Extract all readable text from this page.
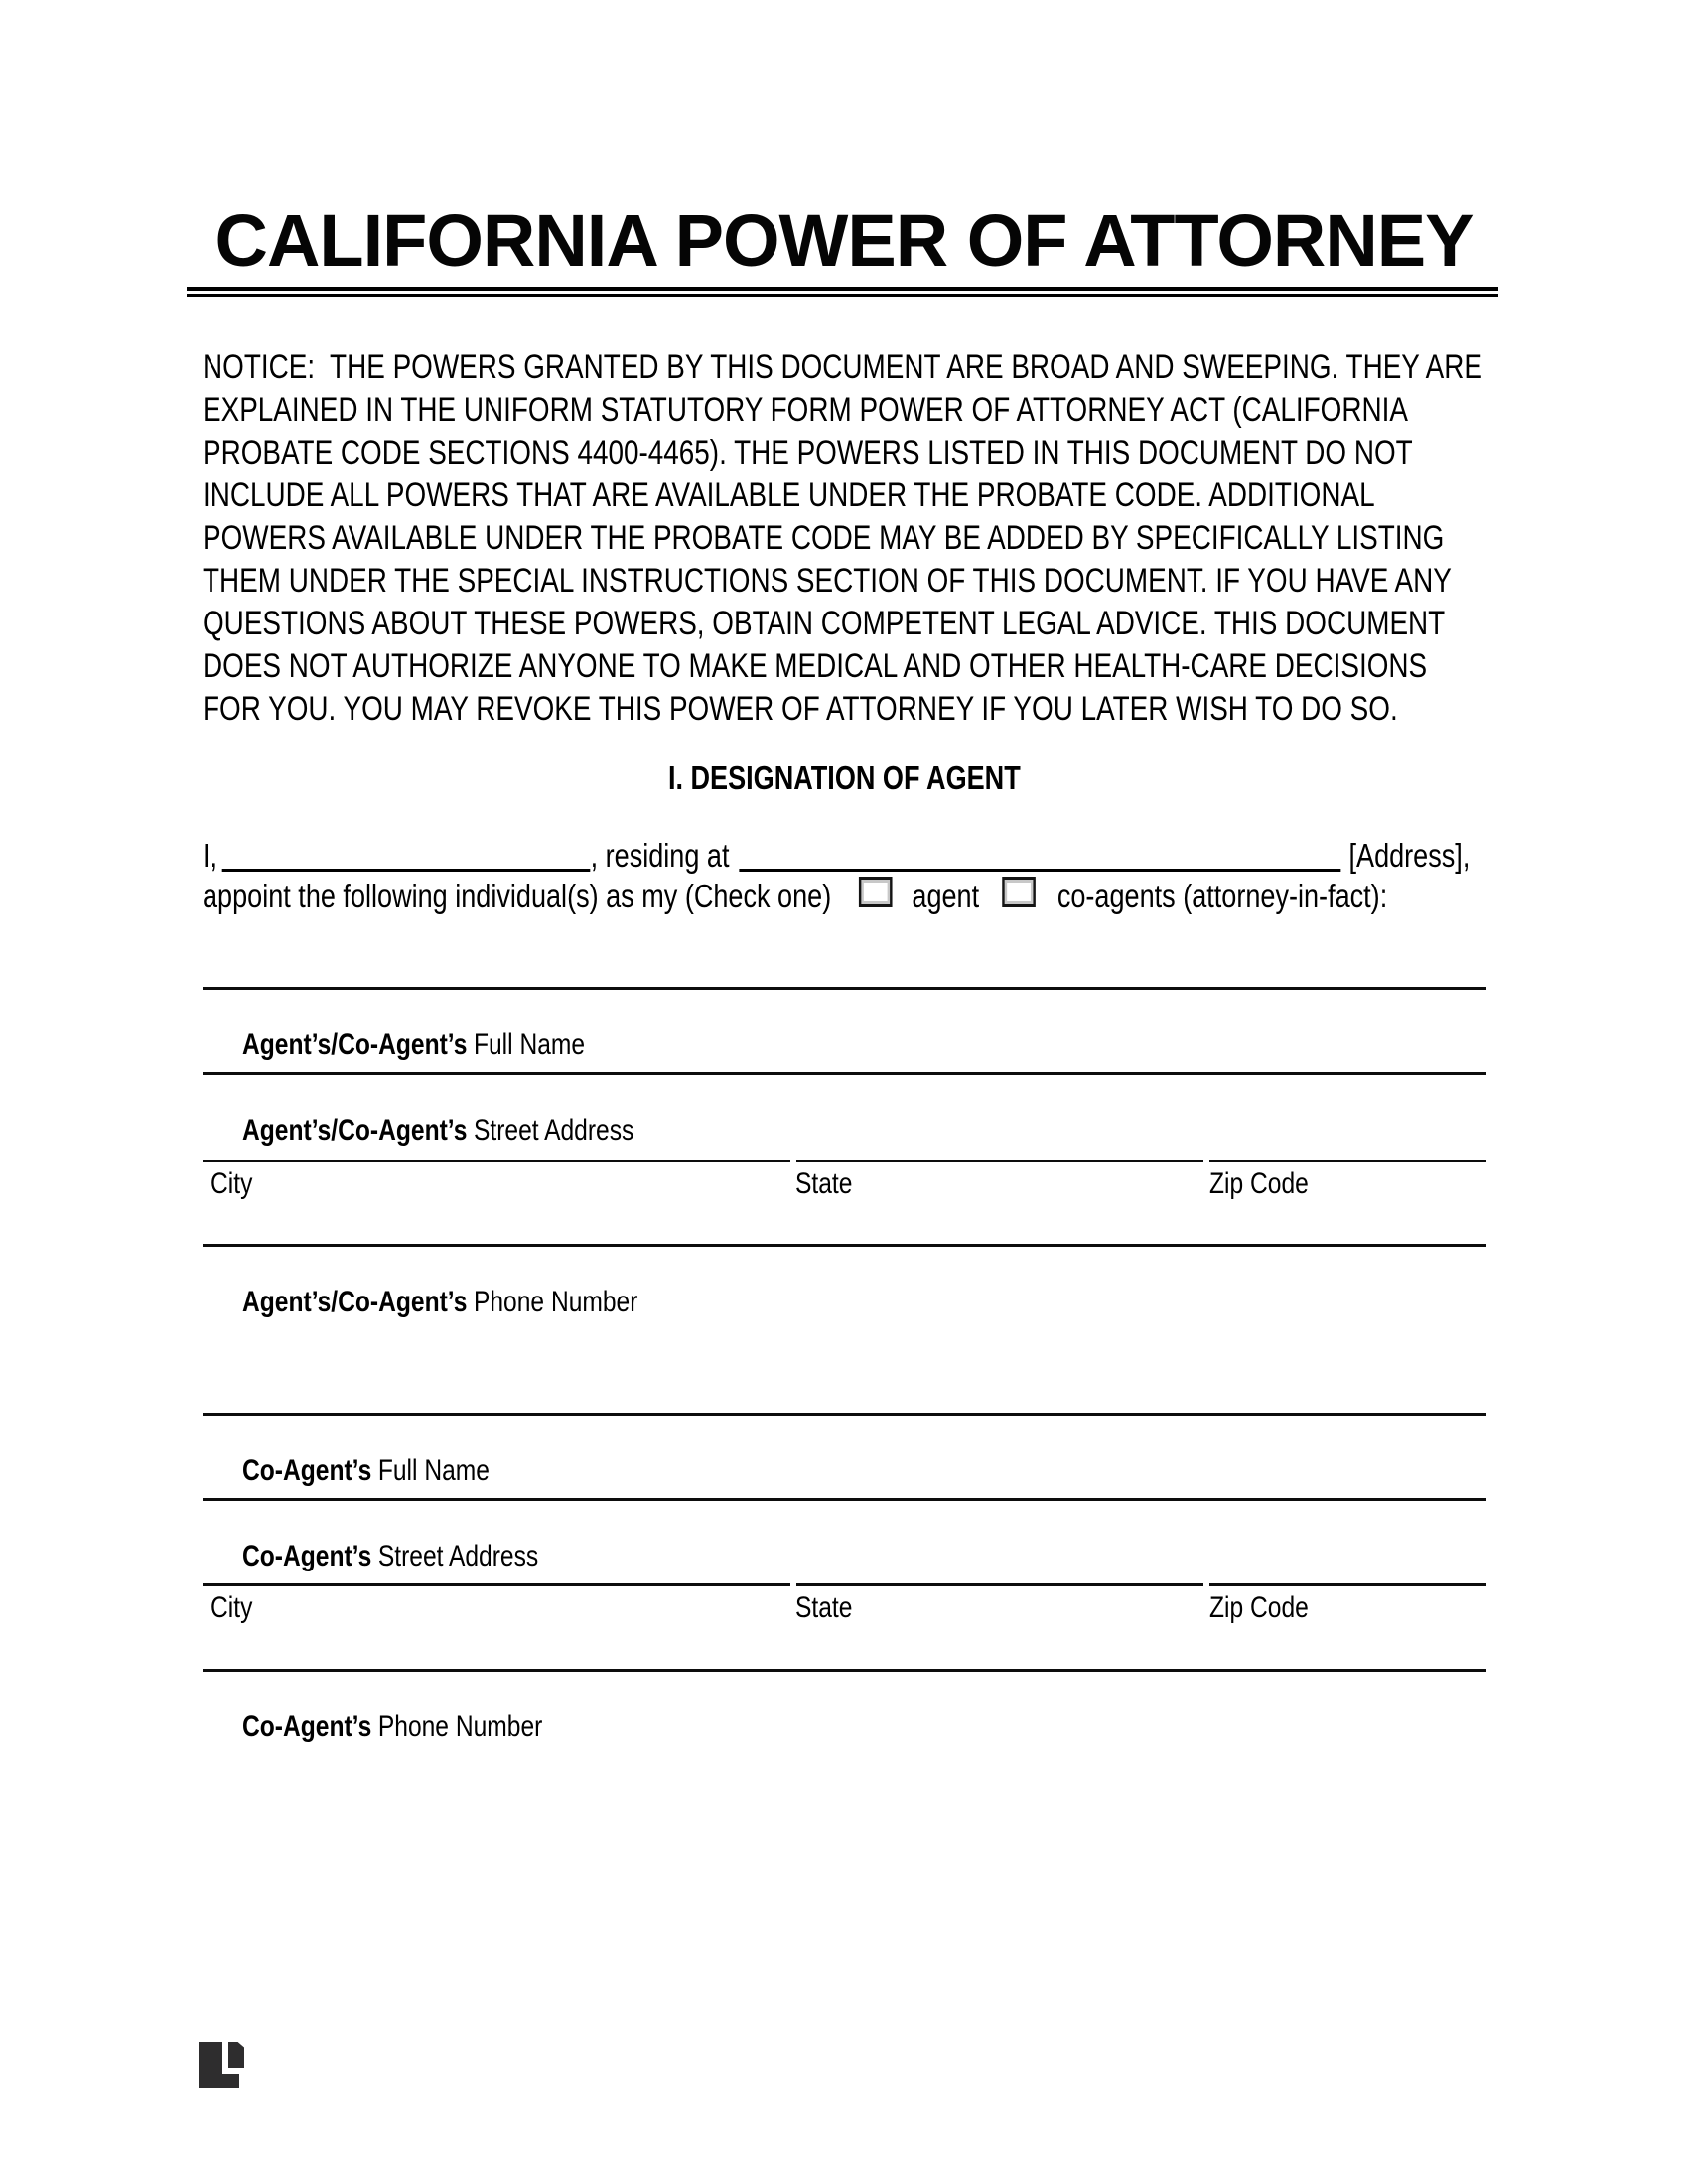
CALIFORNIA POWER OF ATTORNEY
NOTICE:  THE POWERS GRANTED BY THIS DOCUMENT ARE BROAD AND SWEEPING. THEY ARE
EXPLAINED IN THE UNIFORM STATUTORY FORM POWER OF ATTORNEY ACT (CALIFORNIA
PROBATE CODE SECTIONS 4400-4465). THE POWERS LISTED IN THIS DOCUMENT DO NOT
INCLUDE ALL POWERS THAT ARE AVAILABLE UNDER THE PROBATE CODE. ADDITIONAL
POWERS AVAILABLE UNDER THE PROBATE CODE MAY BE ADDED BY SPECIFICALLY LISTING
THEM UNDER THE SPECIAL INSTRUCTIONS SECTION OF THIS DOCUMENT. IF YOU HAVE ANY
QUESTIONS ABOUT THESE POWERS, OBTAIN COMPETENT LEGAL ADVICE. THIS DOCUMENT
DOES NOT AUTHORIZE ANYONE TO MAKE MEDICAL AND OTHER HEALTH-CARE DECISIONS
FOR YOU. YOU MAY REVOKE THIS POWER OF ATTORNEY IF YOU LATER WISH TO DO SO.
I. DESIGNATION OF AGENT
I,	, residing at	[Address],
appoint the following individual(s) as my (Check one) agent co-agents (attorney-in-fact):

Agent’s/Co-Agent’s Full Name

Agent’s/Co-Agent’s Street Address

City	State	Zip Code

Agent’s/Co-Agent’s Phone Number

Co-Agent’s Full Name

Co-Agent’s Street Address

City	State	Zip Code

Co-Agent’s Phone Number
